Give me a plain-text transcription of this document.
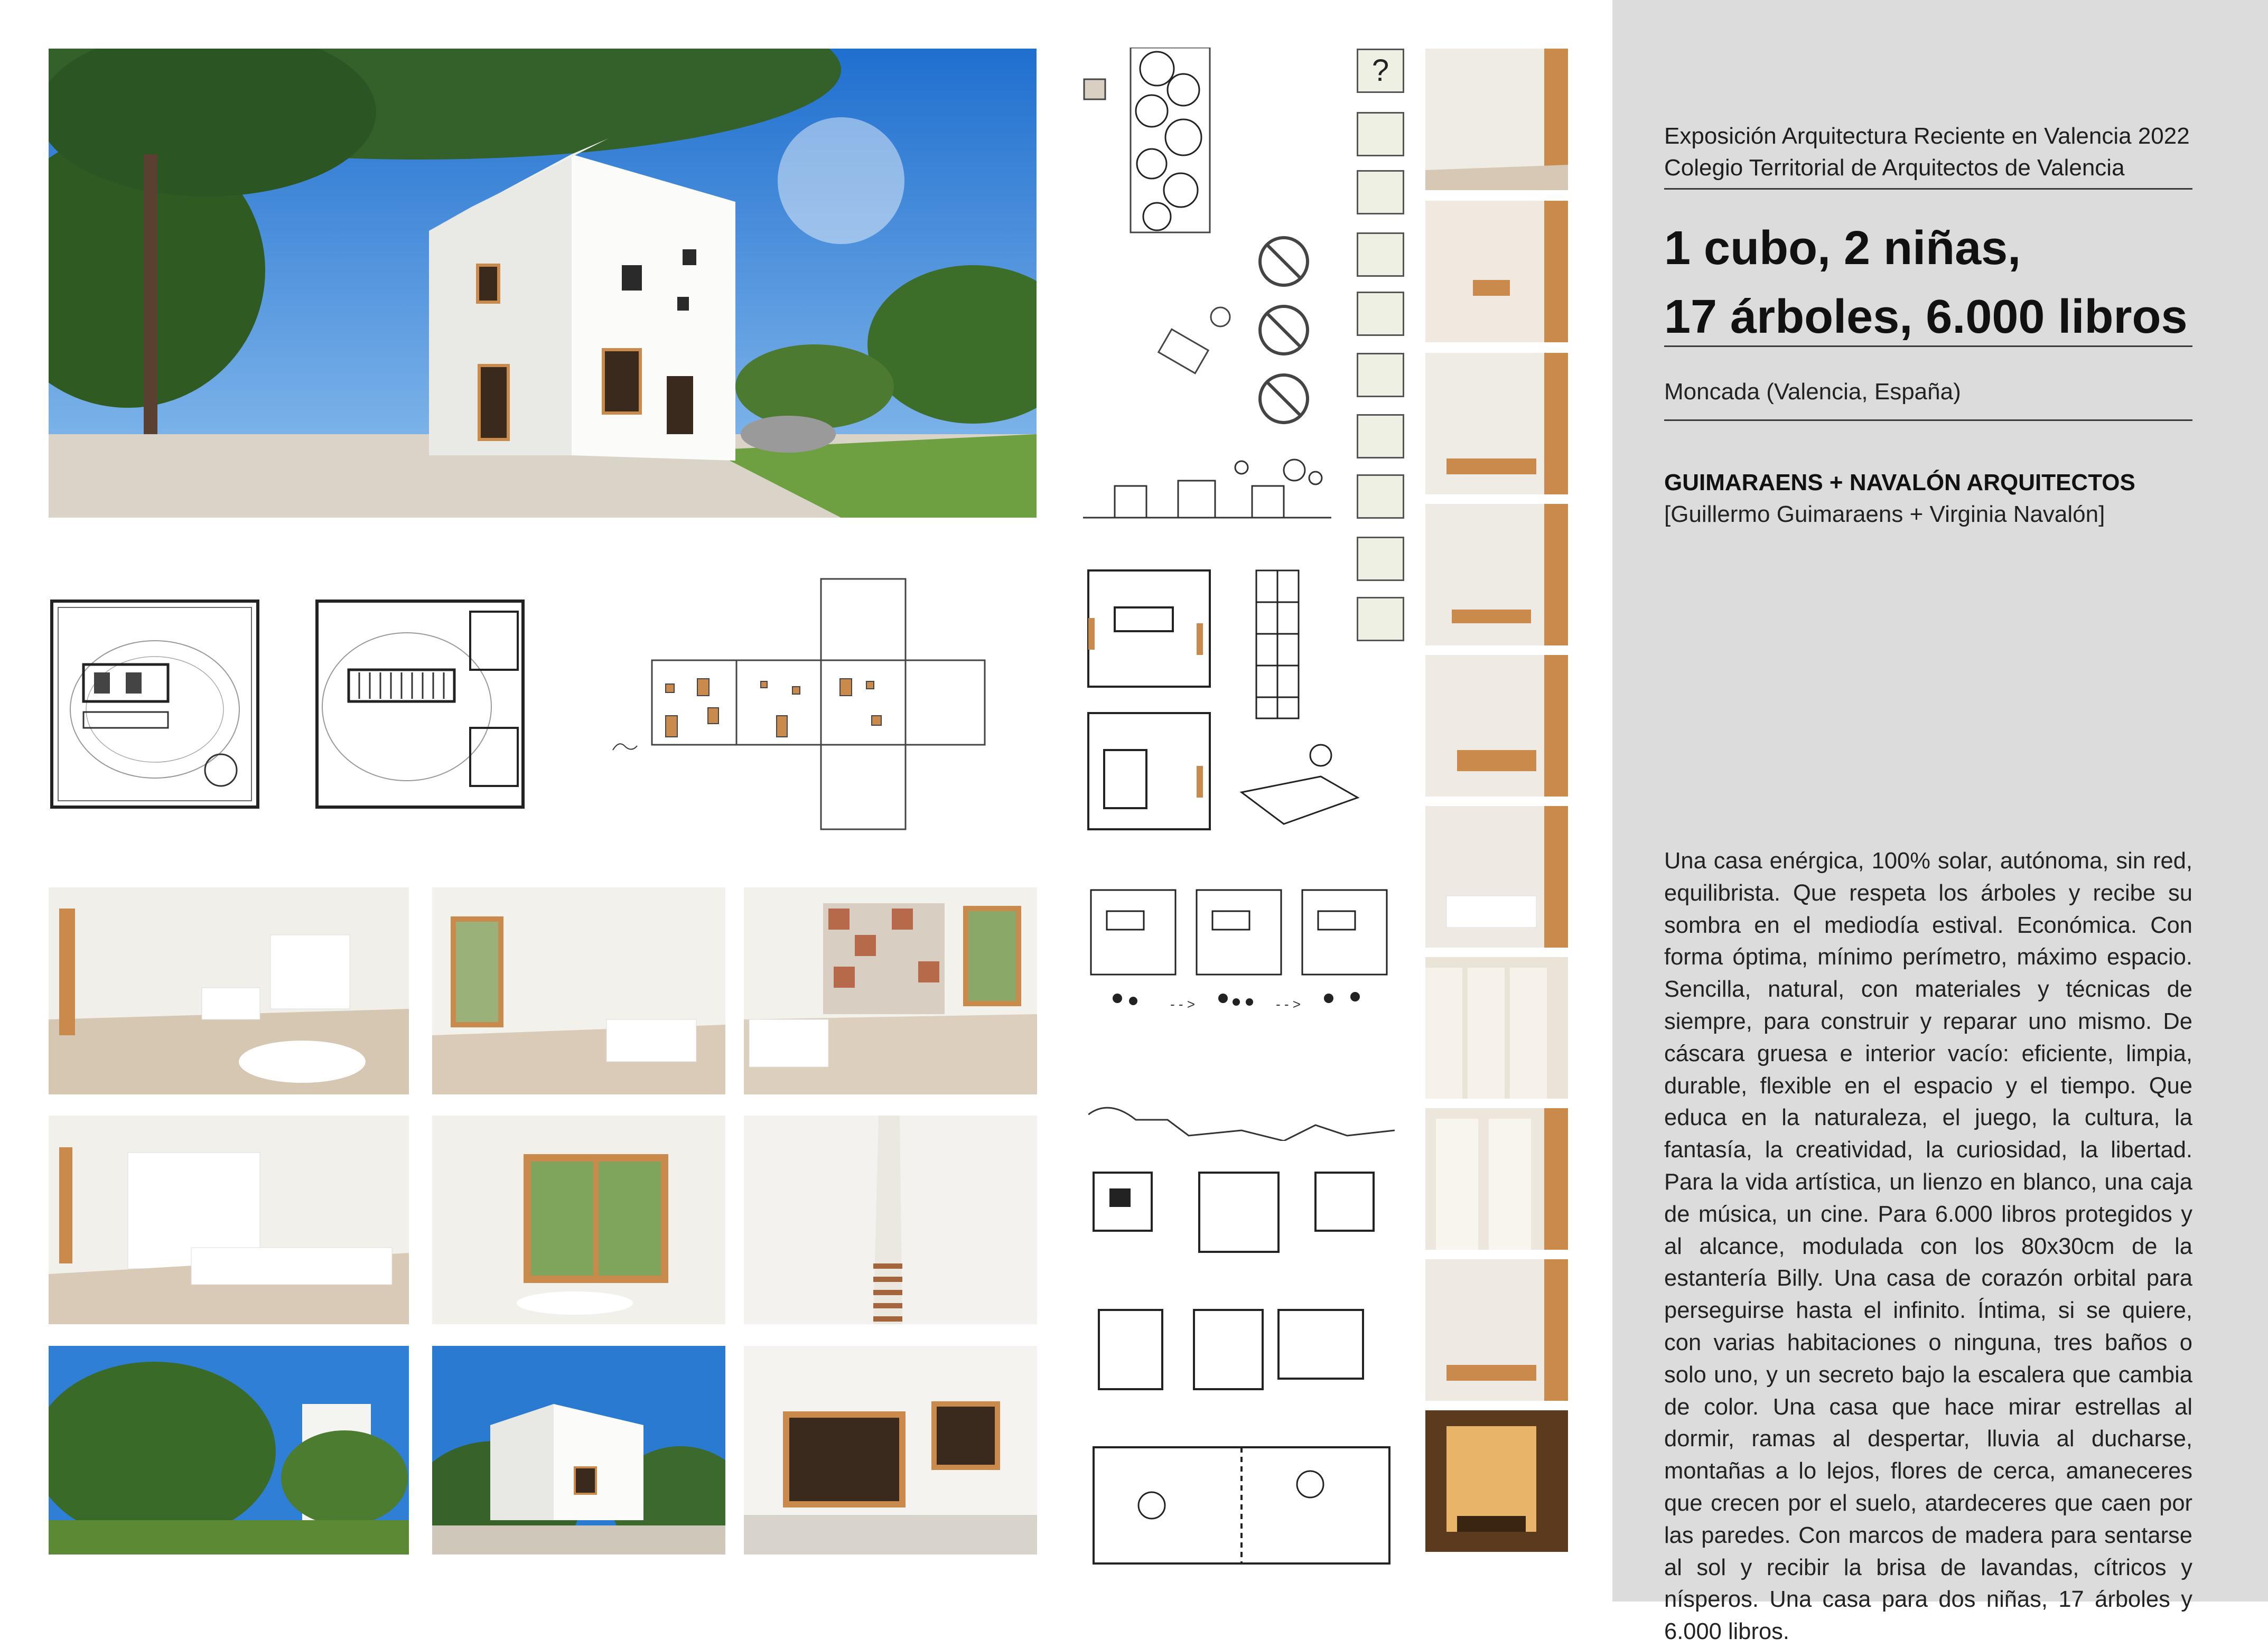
- - >	- - >
?
Exposición Arquitectura Reciente en Valencia 2022
Colegio Territorial de Arquitectos de Valencia
1 cubo, 2 niñas,
17 árboles, 6.000 libros
Moncada (Valencia, España)
GUIMARAENS + NAVALÓN ARQUITECTOS
[Guillermo Guimaraens + Virginia Navalón]
Una casa enérgica, 100% solar, autónoma, sin red, equilibrista. Que respeta los árboles y recibe su sombra en el mediodía estival. Económica. Con forma óptima, mínimo perímetro, máximo espacio. Sencilla, natural, con materiales y técnicas de siempre, para construir y reparar uno mismo. De cáscara gruesa e interior vacío: eficiente, limpia, durable, flexible en el espacio y el tiempo. Que educa en la naturaleza, el juego, la cultura, la fantasía, la creatividad, la curiosidad, la libertad. Para la vida artística, un lienzo en blanco, una caja de música, un cine. Para 6.000 libros protegidos y al alcance, modulada con los 80x30cm de la estantería Billy. Una casa de corazón orbital para perseguirse hasta el infinito. Íntima, si se quiere, con varias habitaciones o ninguna, tres baños o solo uno, y un secreto bajo la escalera que cambia de color. Una casa que hace mirar estrellas al dormir, ramas al despertar, lluvia al ducharse, montañas a lo lejos, flores de cerca, amaneceres que crecen por el suelo, atardeceres que caen por las paredes. Con marcos de madera para sentarse al sol y recibir la brisa de lavandas, cítricos y nísperos. Una casa para dos niñas, 17 árboles y 6.000 libros.
